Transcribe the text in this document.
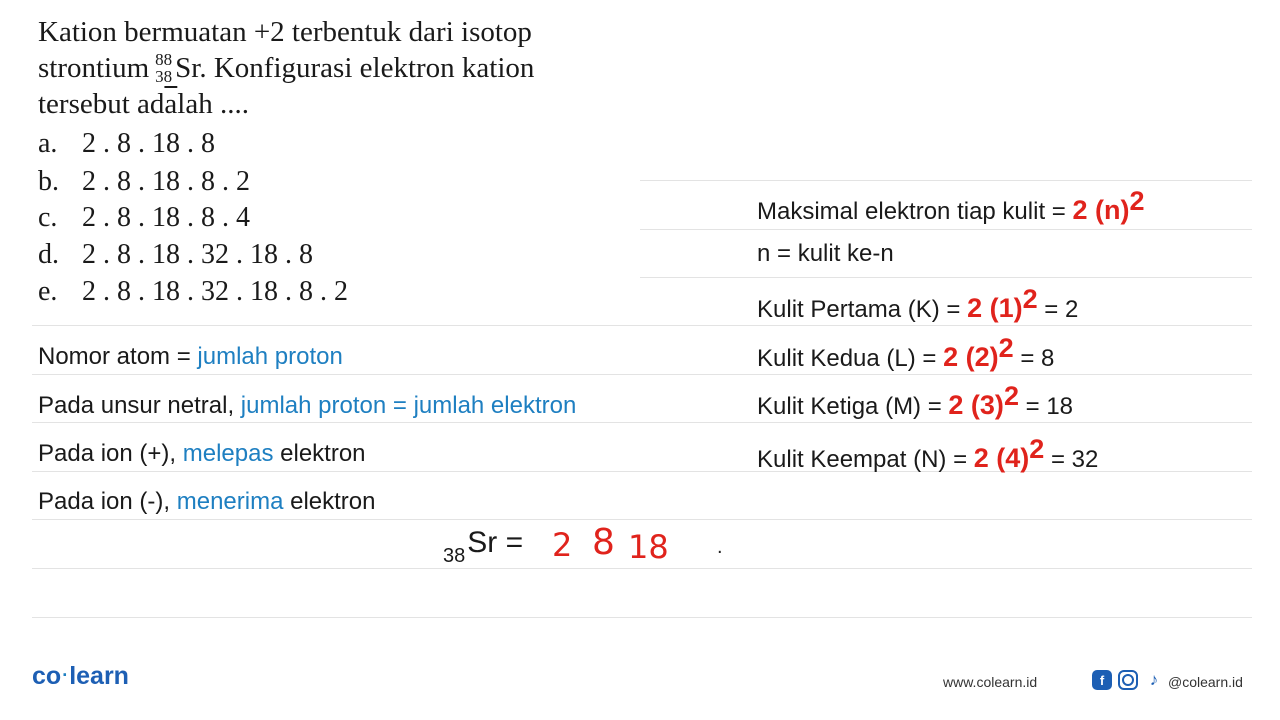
Kation bermuatan +2 terbentuk dari isotop
strontium 88
38 Sr. Konfigurasi elektron kation
tersebut $ad\overline{a}lah$ ....
a. 2 . 8 . 18 . 8
b. 2 . 8 . 18 . 8 . 2
c. 2 . 8 . 18 . 8 . 4
d. 2 . 8 . 18 . 32 . 18 . 8
e. 2 . 8 . 18 . 32 . 18 . 8 . 2
Nomor atom = jumlah proton
Pada unsur netral, jumlah proton = jumlah elektron
Pada ion (+), melepas elektron
Pada ion (-), menerima elektron
Maksimal elektron tiap kulit = 2 $(n)^2$
n = kulit ke-n
Kulit Pertama (K) = 2 $(1)^2 = 2$
Kulit Kedua (L) = 2 $(2)^2 = 8$
Kulit Ketiga (M) = 2 $(3)^2 = 18$
Kulit Keempat (N) = 2 $(4)^2 = 32$
$_{38}$Sr = 2 8 18 .
co·learn	www.colearn.id	f	♪ @colearn.id
